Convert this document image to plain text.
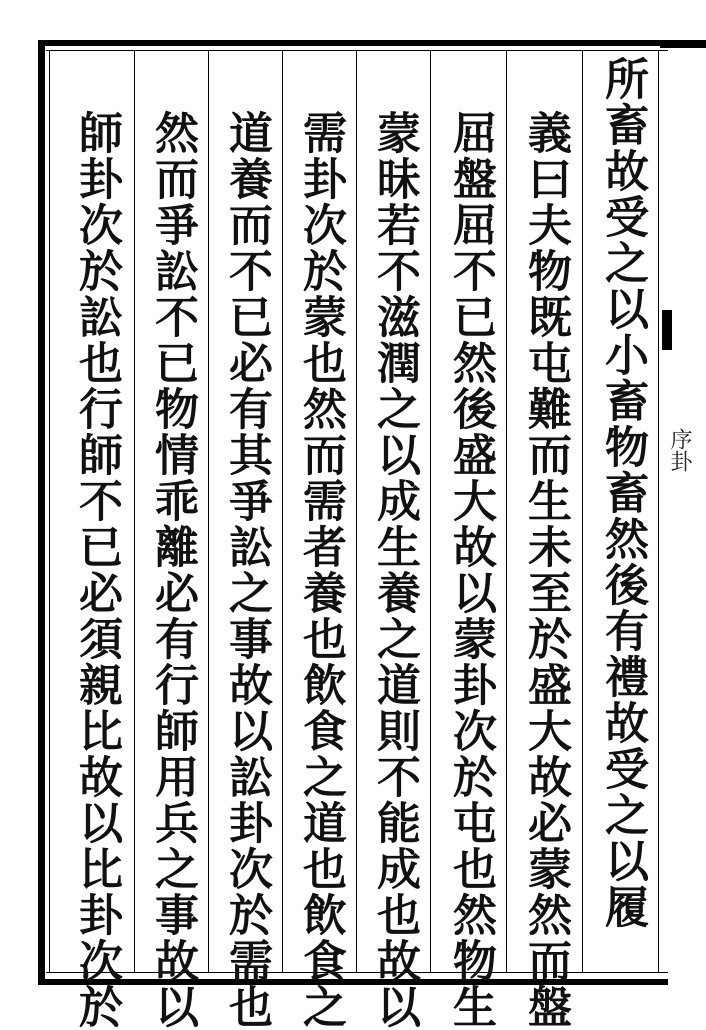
所畜故受之以小畜物畜然後有禮故受之以履
義曰夫物既屯難而生未至於盛大故必蒙然而盤
屈盤屈不已然後盛大故以蒙卦次於屯也然物生
蒙昧若不滋潤之以成生養之道則不能成也故以
需卦次於蒙也然而需者養也飲食之道也飲食之
道養而不已必有其爭訟之事故以訟卦次於需也
然而爭訟不已物情乖離必有行師用兵之事故以
師卦次於訟也行師不已必須親比故以比卦次於	序卦
